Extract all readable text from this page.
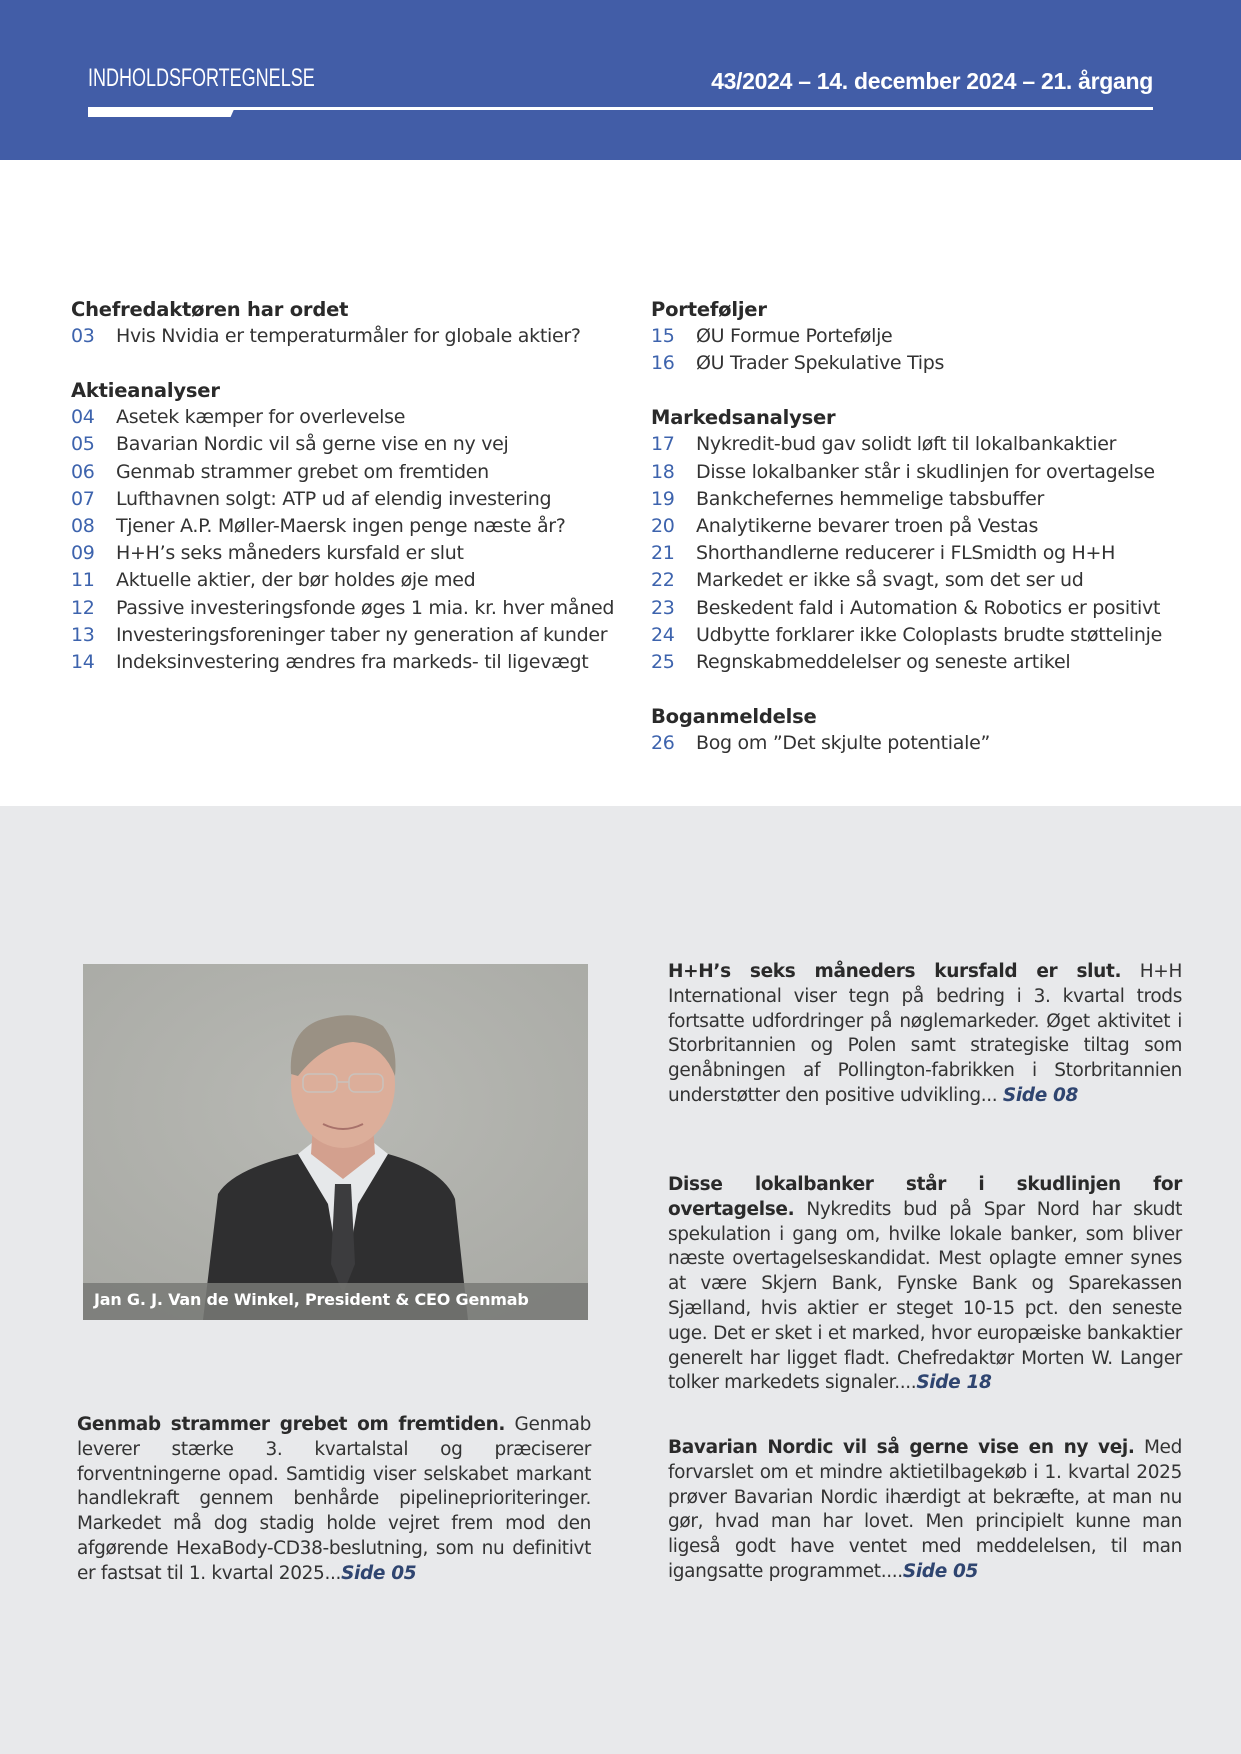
INDHOLDSFORTEGNELSE	43/2024 – 14. december 2024 – 21. årgang
Chefredaktøren har ordet
03	Hvis Nvidia er temperaturmåler for globale aktier?
Aktieanalyser
04	Asetek kæmper for overlevelse
05	Bavarian Nordic vil så gerne vise en ny vej
06	Genmab strammer grebet om fremtiden
07	Lufthavnen solgt: ATP ud af elendig investering
08	Tjener A.P. Møller-Maersk ingen penge næste år?
09	H+H’s seks måneders kursfald er slut
11	Aktuelle aktier, der bør holdes øje med
12	Passive investeringsfonde øges 1 mia. kr. hver måned
13	Investeringsforeninger taber ny generation af kunder
14	Indeksinvestering ændres fra markeds- til ligevægt
Porteføljer
15	ØU Formue Portefølje
16	ØU Trader Spekulative Tips
Markedsanalyser
17	Nykredit-bud gav solidt løft til lokalbankaktier
18	Disse lokalbanker står i skudlinjen for overtagelse
19	Bankchefernes hemmelige tabsbuffer
20	Analytikerne bevarer troen på Vestas
21	Shorthandlerne reducerer i FLSmidth og H+H
22	Markedet er ikke så svagt, som det ser ud
23	Beskedent fald i Automation & Robotics er positivt
24	Udbytte forklarer ikke Coloplasts brudte støttelinje
25	Regnskabmeddelelser og seneste artikel
Boganmeldelse
26	Bog om ”Det skjulte potentiale”
Jan G. J. Van de Winkel, President & CEO Genmab
Genmab strammer grebet om fremtiden. Genmab leverer stærke 3. kvartalstal og præciserer forventningerne opad. Samtidig viser selskabet markant handlekraft gennem benhårde pipelineprioriteringer. Markedet må dog stadig holde vejret frem mod den afgørende HexaBody-CD38-beslutning, som nu definitivt er fastsat til 1. kvartal 2025...Side 05
H+H’s seks måneders kursfald er slut. H+H International viser tegn på bedring i 3. kvartal trods fortsatte udfordringer på nøglemarkeder. Øget aktivitet i Storbritannien og Polen samt strategiske tiltag som genåbningen af Pollington-fabrikken i Storbritannien understøtter den positive udvikling... Side 08
Disse lokalbanker står i skudlinjen for overtagelse. Nykredits bud på Spar Nord har skudt spekulation i gang om, hvilke lokale banker, som bliver næste overtagelseskandidat. Mest oplagte emner synes at være Skjern Bank, Fynske Bank og Sparekassen Sjælland, hvis aktier er steget 10-15 pct. den seneste uge. Det er sket i et marked, hvor europæiske bankaktier generelt har ligget fladt. Chefredaktør Morten W. Langer tolker markedets signaler....Side 18
Bavarian Nordic vil så gerne vise en ny vej. Med forvarslet om et mindre aktietilbagekøb i 1. kvartal 2025 prøver Bavarian Nordic ihærdigt at bekræfte, at man nu gør, hvad man har lovet. Men principielt kunne man ligeså godt have ventet med meddelelsen, til man igangsatte programmet....Side 05
